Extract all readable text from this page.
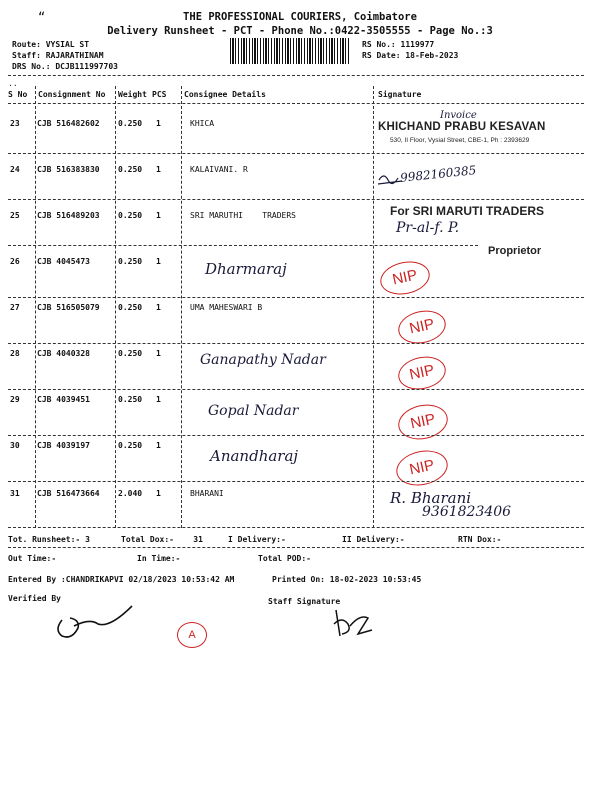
“	THE PROFESSIONAL COURIERS, Coimbatore
Delivery Runsheet - PCT - Phone No.:0422-3505555 - Page No.:3
Route: VYSIAL ST
Staff: RAJARATHINAM
DRS No.: DCJB111997703
RS No.: 1119977
RS Date: 18-Feb-2023
..
S No Consignment No Weight PCS Consignee Details	Signature
23 CJB 516482602 0.250 1	KHICA
Invoice
KHICHAND PRABU KESAVAN
530, II Floor, Vysial Street, CBE-1, Ph : 2393629
24 CJB 516383830 0.250 1	KALAIVANI. R	9982160385
25 CJB 516489203 0.250 1	SRI MARUTHI    TRADERS	For SRI MARUTI TRADERS
Pr-al-f. P.
Proprietor
26 CJB 4045473	0.250 1	Dharmaraj	NIP
27 CJB 516505079 0.250 1	UMA MAHESWARI B
NIP
28 CJB 4040328	0.250 1	Ganapathy Nadar
NIP
29 CJB 4039451	0.250 1
Gopal Nadar	NIP
30 CJB 4039197	0.250 1
Anandharaj
NIP
31 CJB 516473664 2.040 1	BHARANI	R. Bharani
9361823406
Tot. Runsheet:- 3	Total Dox:-    31	I Delivery:-	II Delivery:-	RTN Dox:-
Out Time:-	In Time:-	Total POD:-
Entered By :CHANDRIKAPVI 02/18/2023 10:53:42 AM	Printed On: 18-02-2023 10:53:45
Verified By	Staff Signature
A
